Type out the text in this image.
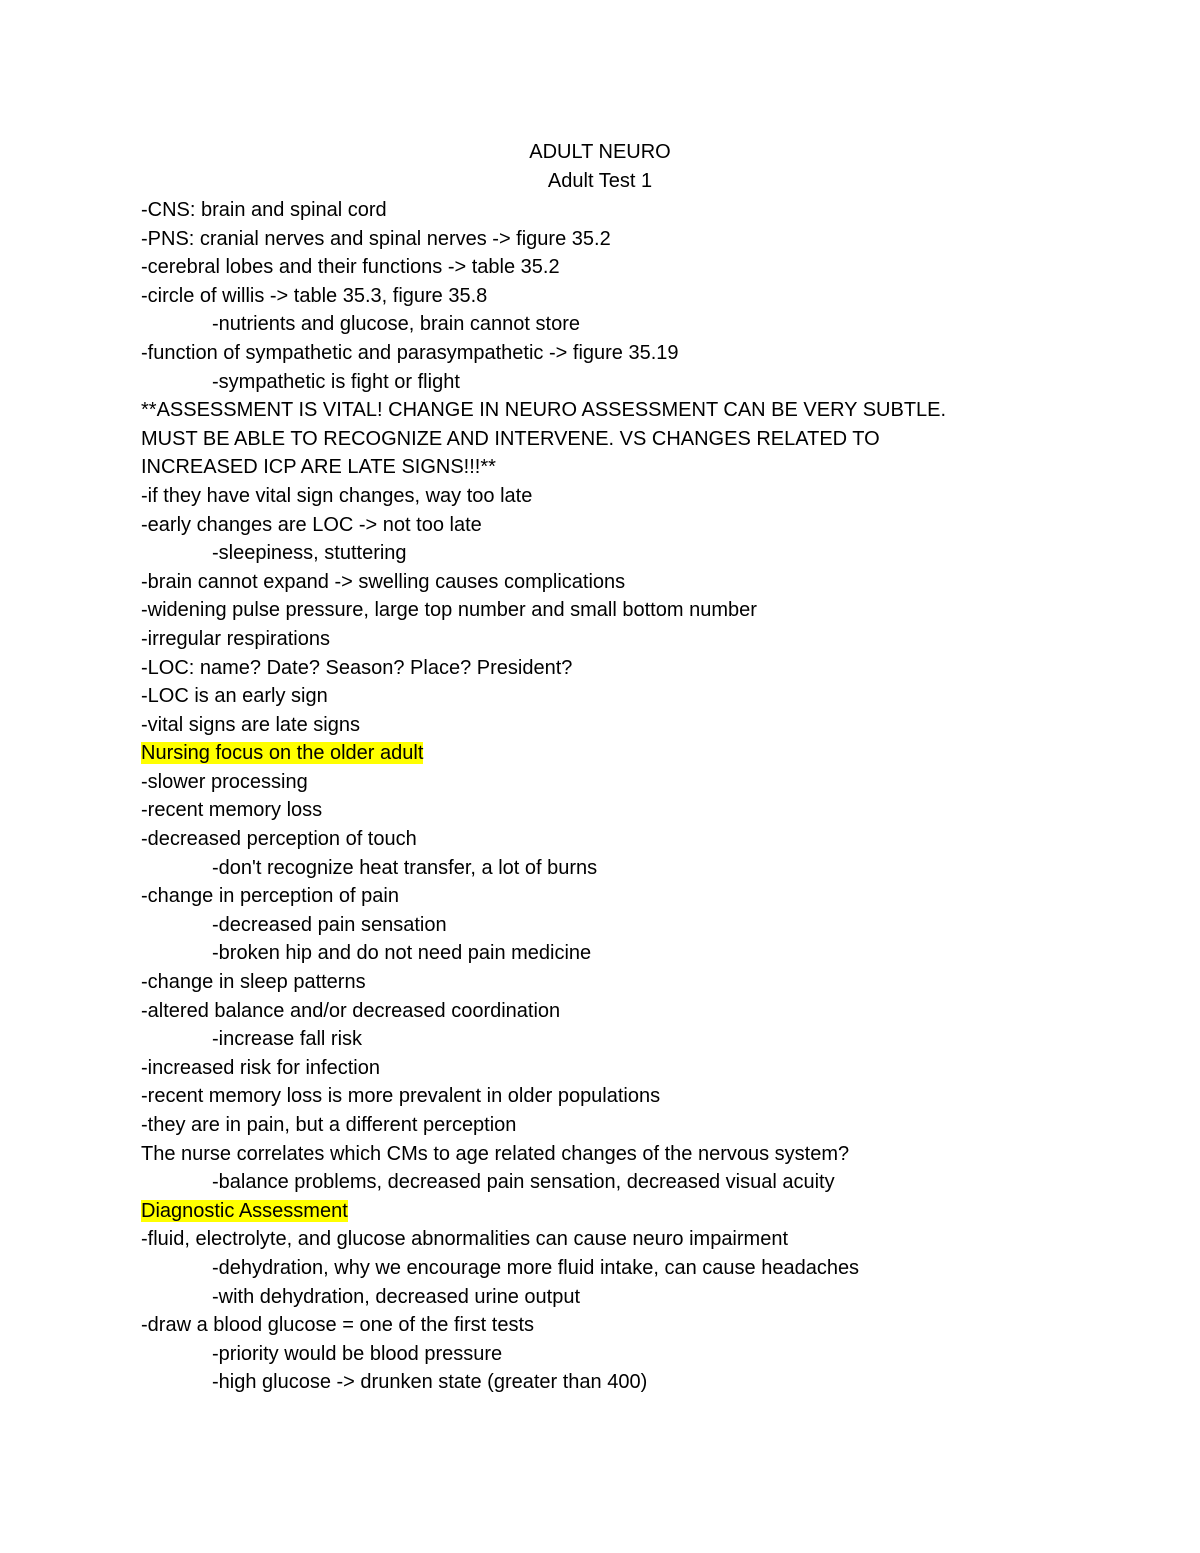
ADULT NEURO
Adult Test 1
-CNS: brain and spinal cord
-PNS: cranial nerves and spinal nerves -> figure 35.2
-cerebral lobes and their functions -> table 35.2
-circle of willis -> table 35.3, figure 35.8
-nutrients and glucose, brain cannot store
-function of sympathetic and parasympathetic -> figure 35.19
-sympathetic is fight or flight
**ASSESSMENT IS VITAL! CHANGE IN NEURO ASSESSMENT CAN BE VERY SUBTLE.
MUST BE ABLE TO RECOGNIZE AND INTERVENE. VS CHANGES RELATED TO
INCREASED ICP ARE LATE SIGNS!!!**
-if they have vital sign changes, way too late
-early changes are LOC -> not too late
-sleepiness, stuttering
-brain cannot expand -> swelling causes complications
-widening pulse pressure, large top number and small bottom number
-irregular respirations
-LOC: name? Date? Season? Place? President?
-LOC is an early sign
-vital signs are late signs
Nursing focus on the older adult
-slower processing
-recent memory loss
-decreased perception of touch
-don't recognize heat transfer, a lot of burns
-change in perception of pain
-decreased pain sensation
-broken hip and do not need pain medicine
-change in sleep patterns
-altered balance and/or decreased coordination
-increase fall risk
-increased risk for infection
-recent memory loss is more prevalent in older populations
-they are in pain, but a different perception
The nurse correlates which CMs to age related changes of the nervous system?
-balance problems, decreased pain sensation, decreased visual acuity
Diagnostic Assessment
-fluid, electrolyte, and glucose abnormalities can cause neuro impairment
-dehydration, why we encourage more fluid intake, can cause headaches
-with dehydration, decreased urine output
-draw a blood glucose = one of the first tests
-priority would be blood pressure
-high glucose -> drunken state (greater than 400)
